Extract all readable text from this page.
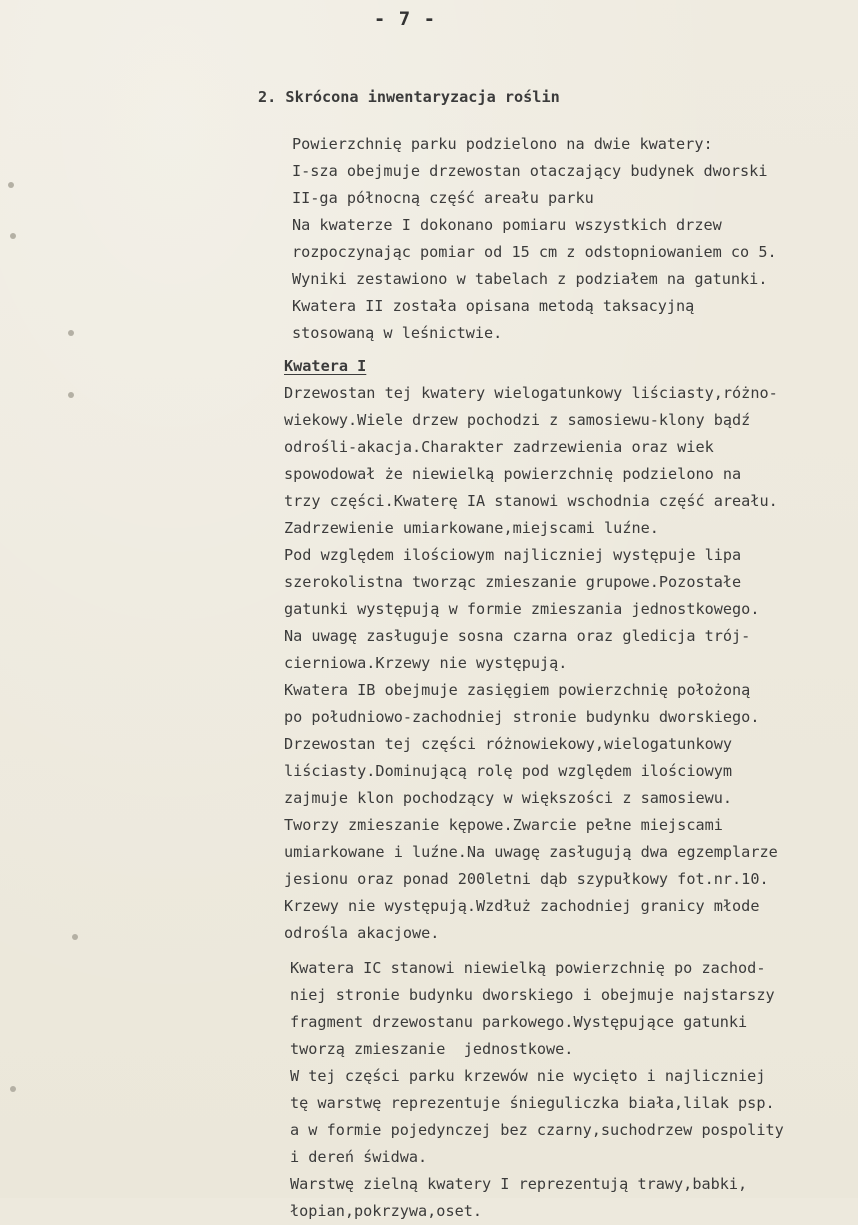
- 7 -
2. Skrócona inwentaryzacja roślin
Powierzchnię parku podzielono na dwie kwatery:
I-sza obejmuje drzewostan otaczający budynek dworski
II-ga północną część areału parku
Na kwaterze I dokonano pomiaru wszystkich drzew
rozpoczynając pomiar od 15 cm z odstopniowaniem co 5.
Wyniki zestawiono w tabelach z podziałem na gatunki.
Kwatera II została opisana metodą taksacyjną
stosowaną w leśnictwie.
Kwatera I
Drzewostan tej kwatery wielogatunkowy liściasty,różno-
wiekowy.Wiele drzew pochodzi z samosiewu-klony bądź
odrośli-akacja.Charakter zadrzewienia oraz wiek
spowodował że niewielką powierzchnię podzielono na
trzy części.Kwaterę IA stanowi wschodnia część areału.
Zadrzewienie umiarkowane,miejscami luźne.
Pod względem ilościowym najliczniej występuje lipa
szerokolistna tworząc zmieszanie grupowe.Pozostałe
gatunki występują w formie zmieszania jednostkowego.
Na uwagę zasługuje sosna czarna oraz gledicja trój-
cierniowa.Krzewy nie występują.
Kwatera IB obejmuje zasięgiem powierzchnię położoną
po południowo-zachodniej stronie budynku dworskiego.
Drzewostan tej części różnowiekowy,wielogatunkowy
liściasty.Dominującą rolę pod względem ilościowym
zajmuje klon pochodzący w większości z samosiewu.
Tworzy zmieszanie kępowe.Zwarcie pełne miejscami
umiarkowane i luźne.Na uwagę zasługują dwa egzemplarze
jesionu oraz ponad 200letni dąb szypułkowy fot.nr.10.
Krzewy nie występują.Wzdłuż zachodniej granicy młode
odrośla akacjowe.
Kwatera IC stanowi niewielką powierzchnię po zachod-
niej stronie budynku dworskiego i obejmuje najstarszy
fragment drzewostanu parkowego.Występujące gatunki
tworzą zmieszanie  jednostkowe.
W tej części parku krzewów nie wycięto i najliczniej
tę warstwę reprezentuje śnieguliczka biała,lilak psp.
a w formie pojedynczej bez czarny,suchodrzew pospolity
i dereń świdwa.
Warstwę zielną kwatery I reprezentują trawy,babki,
łopian,pokrzywa,oset.
